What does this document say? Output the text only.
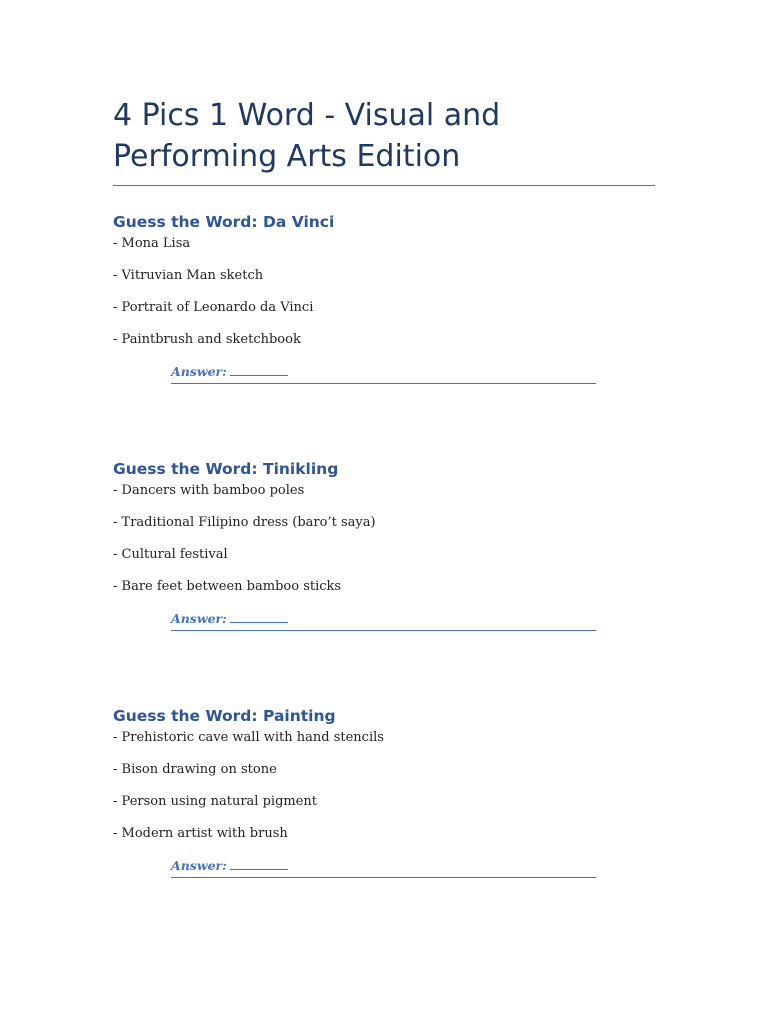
4 Pics 1 Word - Visual and Performing Arts Edition
Guess the Word: Da Vinci
- Mona Lisa
- Vitruvian Man sketch
- Portrait of Leonardo da Vinci
- Paintbrush and sketchbook
Answer:
Guess the Word: Tinikling
- Dancers with bamboo poles
- Traditional Filipino dress (baro’t saya)
- Cultural festival
- Bare feet between bamboo sticks
Answer:
Guess the Word: Painting
- Prehistoric cave wall with hand stencils
- Bison drawing on stone
- Person using natural pigment
- Modern artist with brush
Answer:
